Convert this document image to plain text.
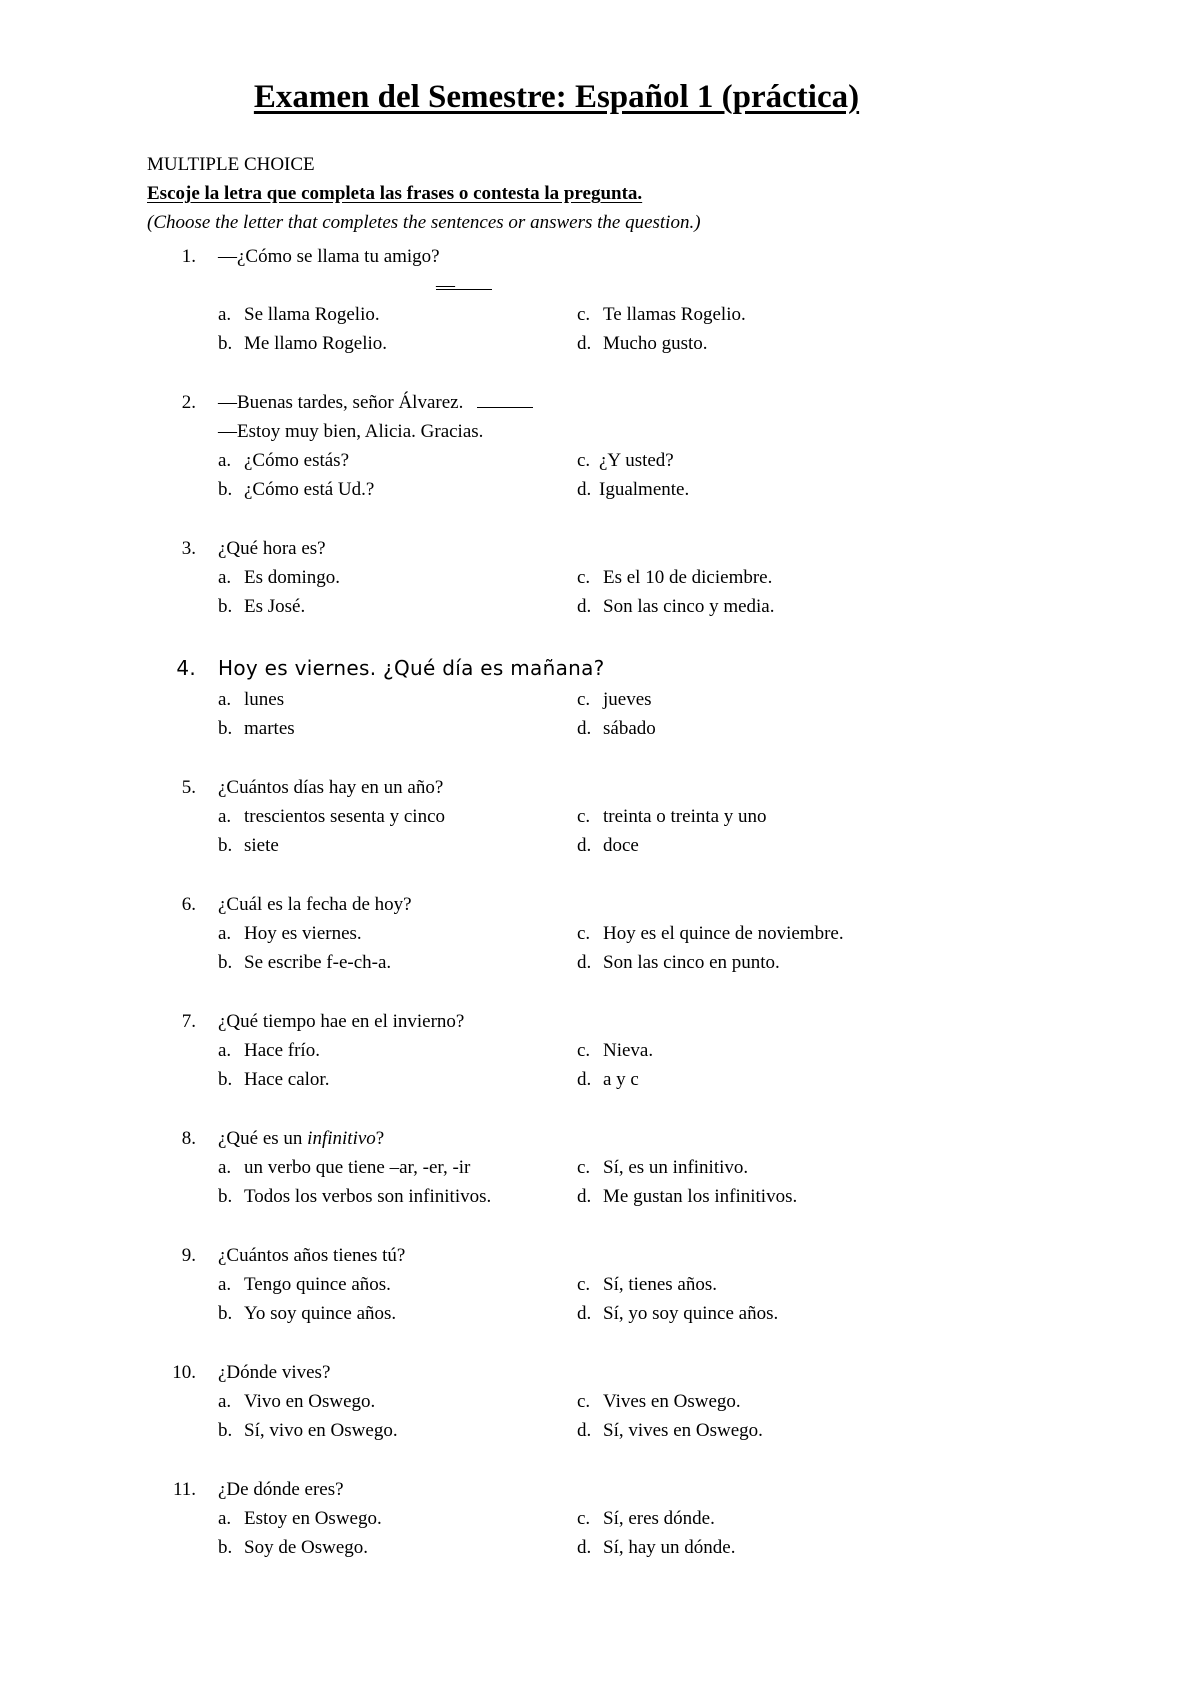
Examen del Semestre: Español 1 (práctica)
MULTIPLE CHOICE
Escoje la letra que completa las frases o contesta la pregunta.
(Choose the letter that completes the sentences or answers the question.)
1. —¿Cómo se llama tu amigo?
—
a. Se llama Rogelio.
b. Me llamo Rogelio.
c. Te llamas Rogelio.
d. Mucho gusto.
2. —Buenas tardes, señor Álvarez.
—Estoy muy bien, Alicia. Gracias.
a. ¿Cómo estás?
b. ¿Cómo está Ud.?
c. ¿Y usted?
d. Igualmente.
3. ¿Qué hora es?
a. Es domingo.
b. Es José.
c. Es el 10 de diciembre.
d. Son las cinco y media.
4. Hoy es viernes. ¿Qué día es mañana?
a. lunes
b. martes
c. jueves
d. sábado
5. ¿Cuántos días hay en un año?
a. trescientos sesenta y cinco
b. siete
c. treinta o treinta y uno
d. doce
6. ¿Cuál es la fecha de hoy?
a. Hoy es viernes.
b. Se escribe f-e-ch-a.
c. Hoy es el quince de noviembre.
d. Son las cinco en punto.
7. ¿Qué tiempo hae en el invierno?
a. Hace frío.
b. Hace calor.
c. Nieva.
d. a y c
8. ¿Qué es un infinitivo?
a. un verbo que tiene –ar, -er, -ir
b. Todos los verbos son infinitivos.
c. Sí, es un infinitivo.
d. Me gustan los infinitivos.
9. ¿Cuántos años tienes tú?
a. Tengo quince años.
b. Yo soy quince años.
c. Sí, tienes años.
d. Sí, yo soy quince años.
10. ¿Dónde vives?
a. Vivo en Oswego.
b. Sí, vivo en Oswego.
c. Vives en Oswego.
d. Sí, vives en Oswego.
11. ¿De dónde eres?
a. Estoy en Oswego.
b. Soy de Oswego.
c. Sí, eres dónde.
d. Sí, hay un dónde.
